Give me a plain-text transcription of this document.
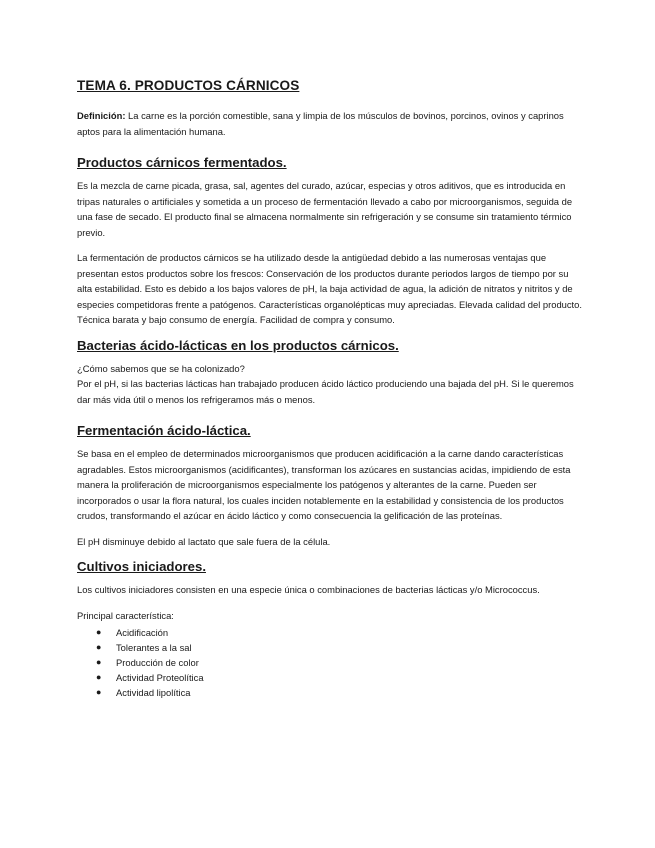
TEMA 6. PRODUCTOS CÁRNICOS

Definición: La carne es la porción comestible, sana y limpia de los músculos de bovinos, porcinos, ovinos y caprinos aptos para la alimentación humana.

Productos cárnicos fermentados.

Es la mezcla de carne picada, grasa, sal, agentes del curado, azúcar, especias y otros aditivos, que es introducida en tripas naturales o artificiales y sometida a un proceso de fermentación llevado a cabo por microorganismos, seguida de una fase de secado. El producto final se almacena normalmente sin refrigeración y se consume sin tratamiento térmico previo.

La fermentación de productos cárnicos se ha utilizado desde la antigüedad debido a las numerosas ventajas que presentan estos productos sobre los frescos: Conservación de los productos durante periodos largos de tiempo por su alta estabilidad. Esto es debido a los bajos valores de pH, la baja actividad de agua, la adición de nitratos y nitritos y de especies competidoras frente a patógenos. Características organolépticas muy apreciadas. Elevada calidad del producto. Técnica barata y bajo consumo de energía. Facilidad de compra y consumo.

Bacterias ácido-lácticas en los productos cárnicos.

¿Cómo sabemos que se ha colonizado?
Por el pH, si las bacterias lácticas han trabajado producen ácido láctico produciendo una bajada del pH. Si le queremos dar más vida útil o menos los refrigeramos más o menos.

Fermentación ácido-láctica.

Se basa en el empleo de determinados microorganismos que producen acidificación a la carne dando características agradables. Estos microorganismos (acidificantes), transforman los azúcares en sustancias acidas, impidiendo de esta manera la proliferación de microorganismos especialmente los patógenos y alterantes de la carne. Pueden ser incorporados o usar la flora natural, los cuales inciden notablemente en la estabilidad y consistencia de los productos crudos, transformando el azúcar en ácido láctico y como consecuencia la gelificación de las proteínas.

El pH disminuye debido al lactato que sale fuera de la célula.

Cultivos iniciadores.

Los cultivos iniciadores consisten en una especie única o combinaciones de bacterias lácticas y/o Micrococcus.

Principal característica:

● Acidificación
● Tolerantes a la sal
● Producción de color
● Actividad Proteolítica
● Actividad lipolítica
